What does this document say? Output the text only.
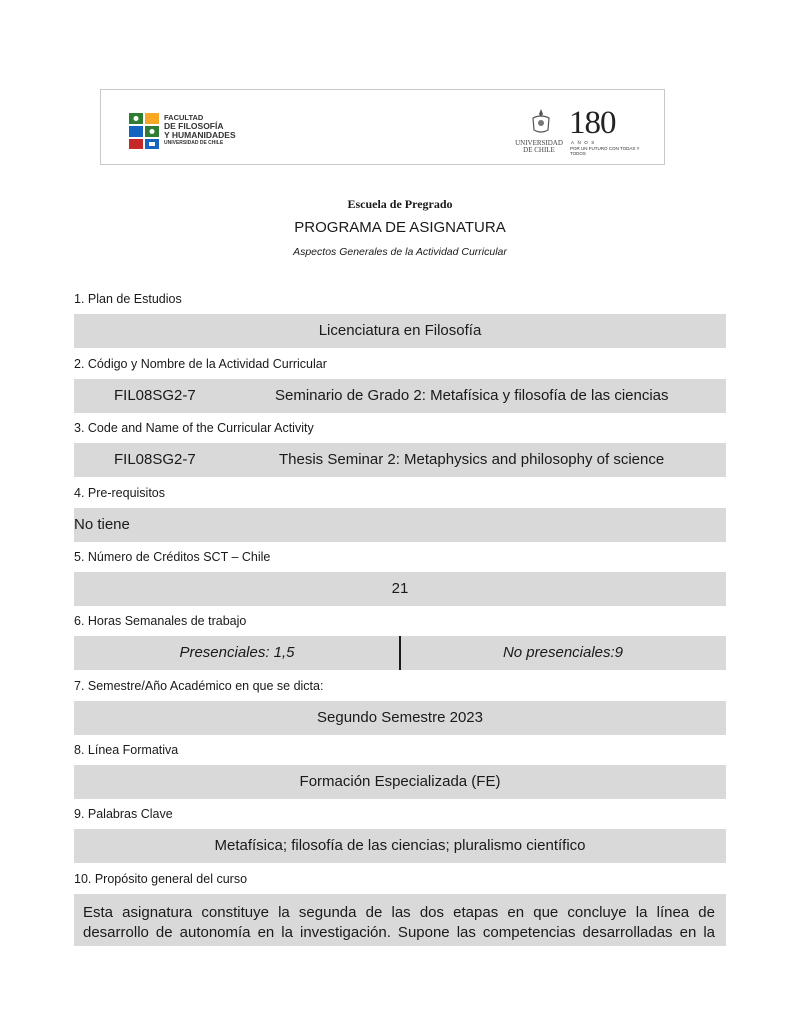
FACULTAD
DE FILOSOFÍA
Y HUMANIDADES
UNIVERSIDAD DE CHILE	UNIVERSIDAD
DE CHILE
180
AÑOS
POR UN FUTURO CON TODAS Y TODOS
Escuela de Pregrado
PROGRAMA DE ASIGNATURA
Aspectos Generales de la Actividad Curricular
1. Plan de Estudios
Licenciatura en Filosofía
2. Código y Nombre de la Actividad Curricular
FIL08SG2-7	Seminario de Grado 2: Metafísica y filosofía de las ciencias
3. Code and Name of the Curricular Activity
FIL08SG2-7	Thesis Seminar 2: Metaphysics and philosophy of science
4. Pre-requisitos
No tiene
5. Número de Créditos SCT – Chile
21
6. Horas Semanales de trabajo
Presenciales: 1,5	No presenciales:9
7. Semestre/Año Académico en que se dicta:
Segundo Semestre 2023
8. Línea Formativa
Formación Especializada (FE)
9. Palabras Clave
Metafísica; filosofía de las ciencias; pluralismo científico
10. Propósito general del curso
Esta asignatura constituye la segunda de las dos etapas en que concluye la línea de
desarrollo de autonomía en la investigación. Supone las competencias desarrolladas en la
